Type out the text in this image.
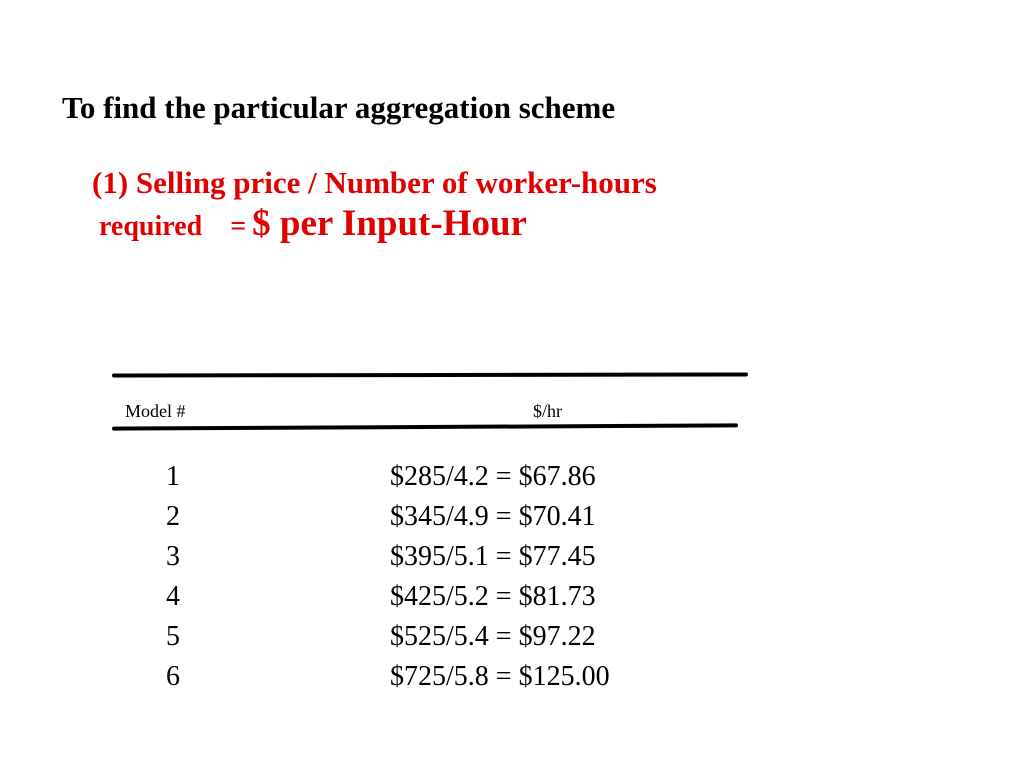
To find the particular aggregation scheme
(1) Selling price / Number of worker-hours
required = $ per Input-Hour
Model #	$/hr
1	$285/4.2 = $67.86
2	$345/4.9 = $70.41
3	$395/5.1 = $77.45
4	$425/5.2 = $81.73
5	$525/5.4 = $97.22
6	$725/5.8 = $125.00
